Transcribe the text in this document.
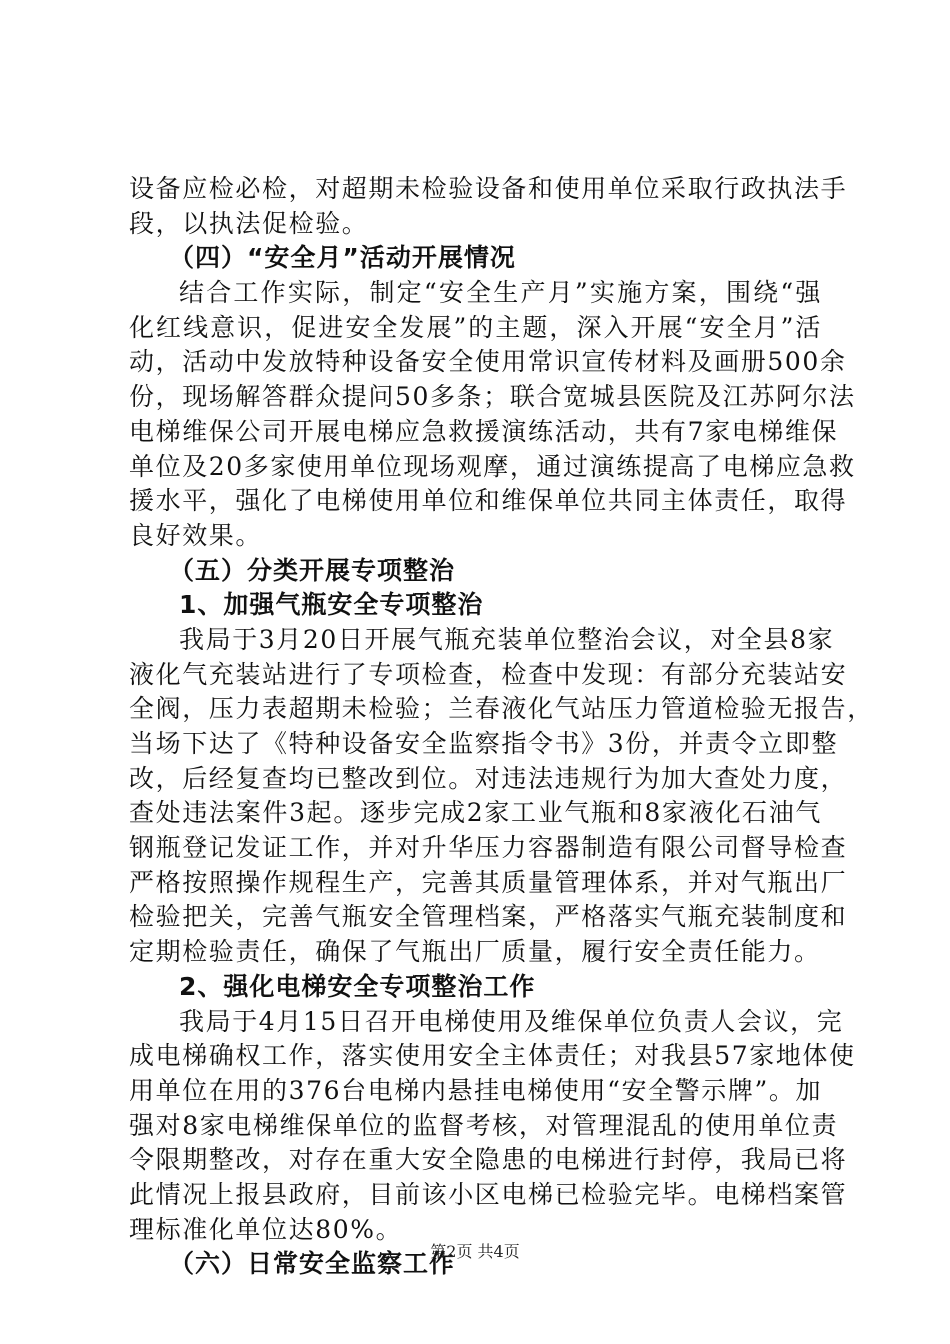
设备应检必检，对超期未检验设备和使用单位采取行政执法手
段，以执法促检验。
（四）“安全月”活动开展情况
结合工作实际，制定“安全生产月”实施方案，围绕“强
化红线意识，促进安全发展”的主题，深入开展“安全月”活
动，活动中发放特种设备安全使用常识宣传材料及画册500余
份，现场解答群众提问50多条；联合宽城县医院及江苏阿尔法
电梯维保公司开展电梯应急救援演练活动，共有7家电梯维保
单位及20多家使用单位现场观摩，通过演练提高了电梯应急救
援水平，强化了电梯使用单位和维保单位共同主体责任，取得
良好效果。
（五）分类开展专项整治
1、加强气瓶安全专项整治
我局于3月20日开展气瓶充装单位整治会议，对全县8家
液化气充装站进行了专项检查，检查中发现：有部分充装站安
全阀，压力表超期未检验；兰春液化气站压力管道检验无报告，
当场下达了《特种设备安全监察指令书》3份，并责令立即整
改，后经复查均已整改到位。对违法违规行为加大查处力度，
查处违法案件3起。逐步完成2家工业气瓶和8家液化石油气
钢瓶登记发证工作，并对升华压力容器制造有限公司督导检查
严格按照操作规程生产，完善其质量管理体系，并对气瓶出厂
检验把关，完善气瓶安全管理档案，严格落实气瓶充装制度和
定期检验责任，确保了气瓶出厂质量，履行安全责任能力。
2、强化电梯安全专项整治工作
我局于4月15日召开电梯使用及维保单位负责人会议，完
成电梯确权工作，落实使用安全主体责任；对我县57家地体使
用单位在用的376台电梯内悬挂电梯使用“安全警示牌”。加
强对8家电梯维保单位的监督考核，对管理混乱的使用单位责
令限期整改，对存在重大安全隐患的电梯进行封停，我局已将
此情况上报县政府，目前该小区电梯已检验完毕。电梯档案管
理标准化单位达80%。
（六）日常安全监察工作
第2页 共4页
